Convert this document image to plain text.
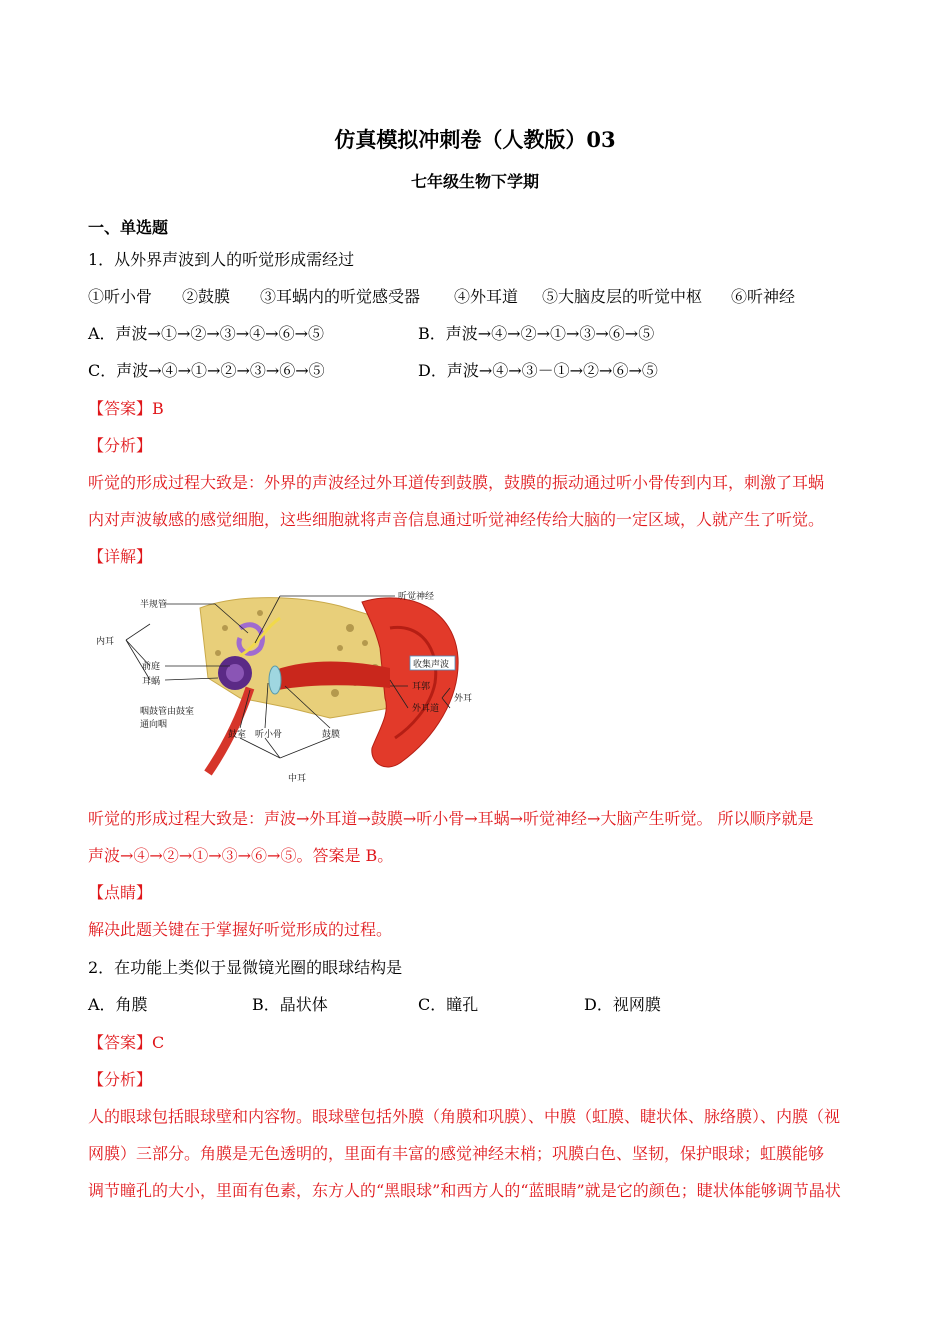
仿真模拟冲刺卷（人教版）03
七年级生物下学期
一、单选题
1．从外界声波到人的听觉形成需经过
①听小骨 ②鼓膜 ③耳蜗内的听觉感受器 ④外耳道 ⑤大脑皮层的听觉中枢 ⑥听神经
A．声波→①→②→③→④→⑥→⑤	B．声波→④→②→①→③→⑥→⑤
C．声波→④→①→②→③→⑥→⑤	D．声波→④→③－①→②→⑥→⑤
【答案】B
【分析】
听觉的形成过程大致是：外界的声波经过外耳道传到鼓膜，鼓膜的振动通过听小骨传到内耳，刺激了耳蜗
内对声波敏感的感觉细胞，这些细胞就将声音信息通过听觉神经传给大脑的一定区域，人就产生了听觉。
【详解】
半规管
内耳
前庭
耳蜗
咽鼓管由鼓室
通向咽
鼓室 听小骨	鼓膜
中耳
听觉神经
收集声波
耳郭
外耳道
外耳
听觉的形成过程大致是：声波→外耳道→鼓膜→听小骨→耳蜗→听觉神经→大脑产生听觉。 所以顺序就是
声波→④→②→①→③→⑥→⑤。答案是 B。
【点睛】
解决此题关键在于掌握好听觉形成的过程。
2．在功能上类似于显微镜光圈的眼球结构是
A．角膜	B．晶状体	C．瞳孔	D．视网膜
【答案】C
【分析】
人的眼球包括眼球壁和内容物。眼球壁包括外膜（角膜和巩膜）、中膜（虹膜、睫状体、脉络膜）、内膜（视
网膜）三部分。角膜是无色透明的，里面有丰富的感觉神经末梢；巩膜白色、坚韧，保护眼球；虹膜能够
调节瞳孔的大小，里面有色素，东方人的“黑眼球”和西方人的“蓝眼睛”就是它的颜色；睫状体能够调节晶状
